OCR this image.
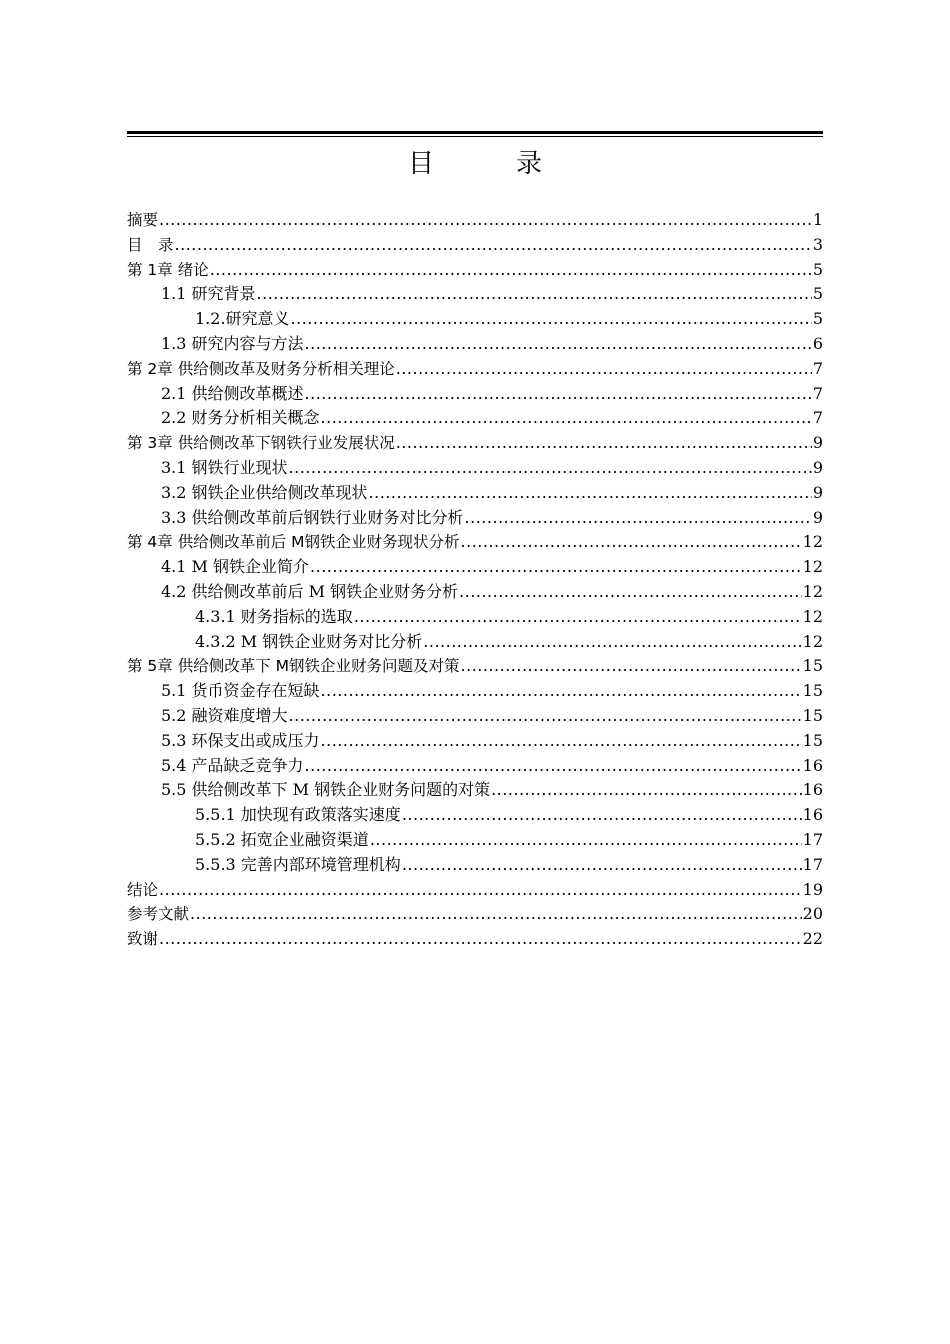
目　录
摘要 .....	1
目　录 .....	3
第 1章 绪论 .....	5
1.1 研究背景 .....	5
1.2.研究意义 .....	5
1.3 研究内容与方法 .....	6
第 2章 供给侧改革及财务分析相关理论 .....	7
2.1 供给侧改革概述 .....	7
2.2 财务分析相关概念 .....	7
第 3章 供给侧改革下钢铁行业发展状况 .....	9
3.1 钢铁行业现状 .....	9
3.2 钢铁企业供给侧改革现状 .....	9
3.3 供给侧改革前后钢铁行业财务对比分析 .....	9
第 4章 供给侧改革前后 M钢铁企业财务现状分析 .....	12
4.1 M 钢铁企业简介 .....	12
4.2 供给侧改革前后 M 钢铁企业财务分析 .....	12
4.3.1 财务指标的选取 .....	12
4.3.2 M 钢铁企业财务对比分析 .....	12
第 5章 供给侧改革下 M钢铁企业财务问题及对策 .....	15
5.1 货币资金存在短缺 .....	15
5.2 融资难度增大 .....	15
5.3 环保支出或成压力 .....	15
5.4 产品缺乏竞争力 .....	16
5.5 供给侧改革下 M 钢铁企业财务问题的对策 .....	16
5.5.1 加快现有政策落实速度 .....	16
5.5.2 拓宽企业融资渠道 .....	17
5.5.3 完善内部环境管理机构 .....	17
结论 .....	19
参考文献 .....	20
致谢 .....	22
